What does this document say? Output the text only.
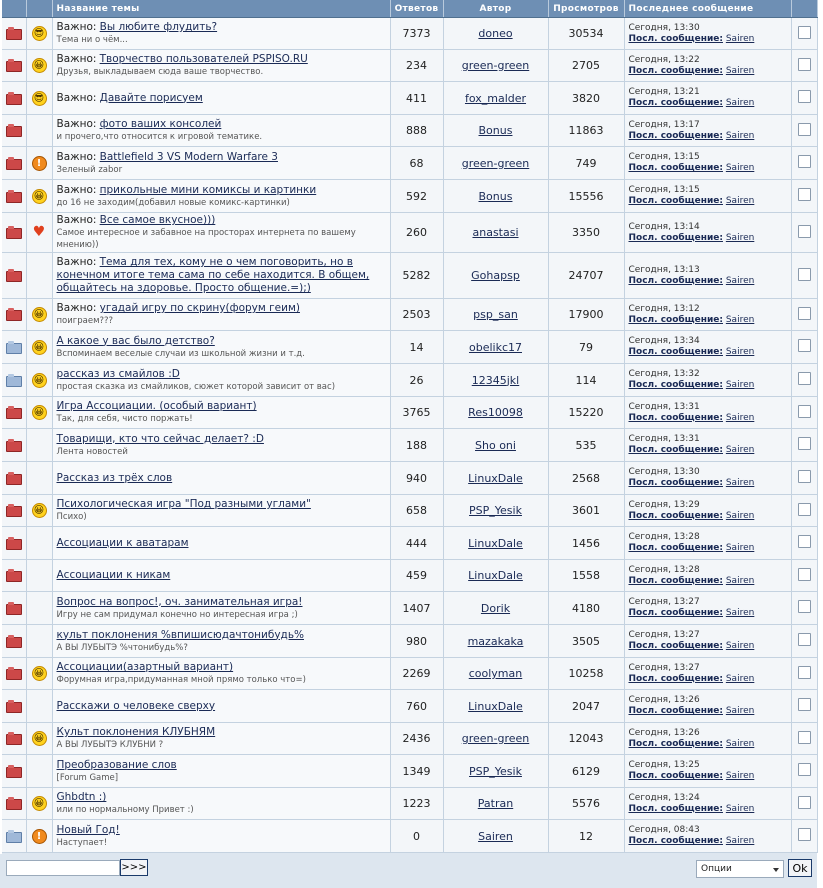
		Название темы	Ответов	Автор	Просмотров	Последнее сообщение	
	😎	Важно: Вы любите флудить?
Тема ни о чём...	7373	doneo	30534	Сегодня, 13:30
Посл. сообщение: Sairen	
	😀	Важно: Творчество пользователей PSPISO.RU
Друзья, выкладываем сюда ваше творчество.	234	green-green	2705	Сегодня, 13:22
Посл. сообщение: Sairen	
	😎	Важно: Давайте порисуем	411	fox_malder	3820	Сегодня, 13:21
Посл. сообщение: Sairen	
		Важно: фото ваших консолей
и прочего,что относится к игровой тематике.	888	Bonus	11863	Сегодня, 13:17
Посл. сообщение: Sairen	
	!	Важно: Battlefield 3 VS Modern Warfare 3
Зеленый zabor	68	green-green	749	Сегодня, 13:15
Посл. сообщение: Sairen	
	😀	Важно: прикольные мини комиксы и картинки
до 16 не заходим(добавил новые комикс-картинки)	592	Bonus	15556	Сегодня, 13:15
Посл. сообщение: Sairen	
	♥	Важно: Все самое вкусное)))
Самое интересное и забавное на просторах интернета по вашему мнению))	260	anastasi	3350	Сегодня, 13:14
Посл. сообщение: Sairen	
		Важно: Тема для тех, кому не о чем поговорить, но в конечном итоге тема сама по себе находится. В общем, общайтесь на здоровье. Просто общение.=);)	5282	Gohapsp	24707	Сегодня, 13:13
Посл. сообщение: Sairen	
	😀	Важно: угадай игру по скрину(форум геим)
поиграем???	2503	psp_san	17900	Сегодня, 13:12
Посл. сообщение: Sairen	
	😀	А какое у вас было детство?
Вспоминаем веселые случаи из школьной жизни и т.д.	14	obelikc17	79	Сегодня, 13:34
Посл. сообщение: Sairen	
	😀	рассказ из смайлов :D
простая сказка из смайликов, сюжет которой зависит от вас)	26	12345jkl	114	Сегодня, 13:32
Посл. сообщение: Sairen	
	😀	Игра Ассоциации. (особый вариант)
Так, для себя, чисто поржать!	3765	Res10098	15220	Сегодня, 13:31
Посл. сообщение: Sairen	
		Товарищи, кто что сейчас делает? :D
Лента новостей	188	Sho oni	535	Сегодня, 13:31
Посл. сообщение: Sairen	
		Рассказ из трёх слов	940	LinuxDale	2568	Сегодня, 13:30
Посл. сообщение: Sairen	
	😀	Психологическая игра "Под разными углами"
Психо)	658	PSP_Yesik	3601	Сегодня, 13:29
Посл. сообщение: Sairen	
		Ассоциации к аватарам	444	LinuxDale	1456	Сегодня, 13:28
Посл. сообщение: Sairen	
		Ассоциации к никам	459	LinuxDale	1558	Сегодня, 13:28
Посл. сообщение: Sairen	
		Вопрос на вопрос!, оч. занимательная игра!
Игру не сам придумал конечно но интересная игра ;)	1407	Dorik	4180	Сегодня, 13:27
Посл. сообщение: Sairen	
		культ поклонения %впишисюдачтонибудь%
А ВЫ ЛУБЫТЭ %чтонибудь%?	980	mazakaka	3505	Сегодня, 13:27
Посл. сообщение: Sairen	
	😀	Ассоциации(азартный вариант)
Форумная игра,придуманная мной прямо только что=)	2269	coolyman	10258	Сегодня, 13:27
Посл. сообщение: Sairen	
		Расскажи о человеке сверху	760	LinuxDale	2047	Сегодня, 13:26
Посл. сообщение: Sairen	
	😀	Культ поклонения КЛУБНЯМ
А ВЫ ЛУБЫТЭ КЛУБНИ ?	2436	green-green	12043	Сегодня, 13:26
Посл. сообщение: Sairen	
		Преобразование слов
[Forum Game]	1349	PSP_Yesik	6129	Сегодня, 13:25
Посл. сообщение: Sairen	
	😀	Ghbdtn :)
или по нормальному Привет :)	1223	Patran	5576	Сегодня, 13:24
Посл. сообщение: Sairen	
	!	Новый Год!
Наступает!	0	Sairen	12	Сегодня, 08:43
Посл. сообщение: Sairen	
>>>	Опции	Ok
